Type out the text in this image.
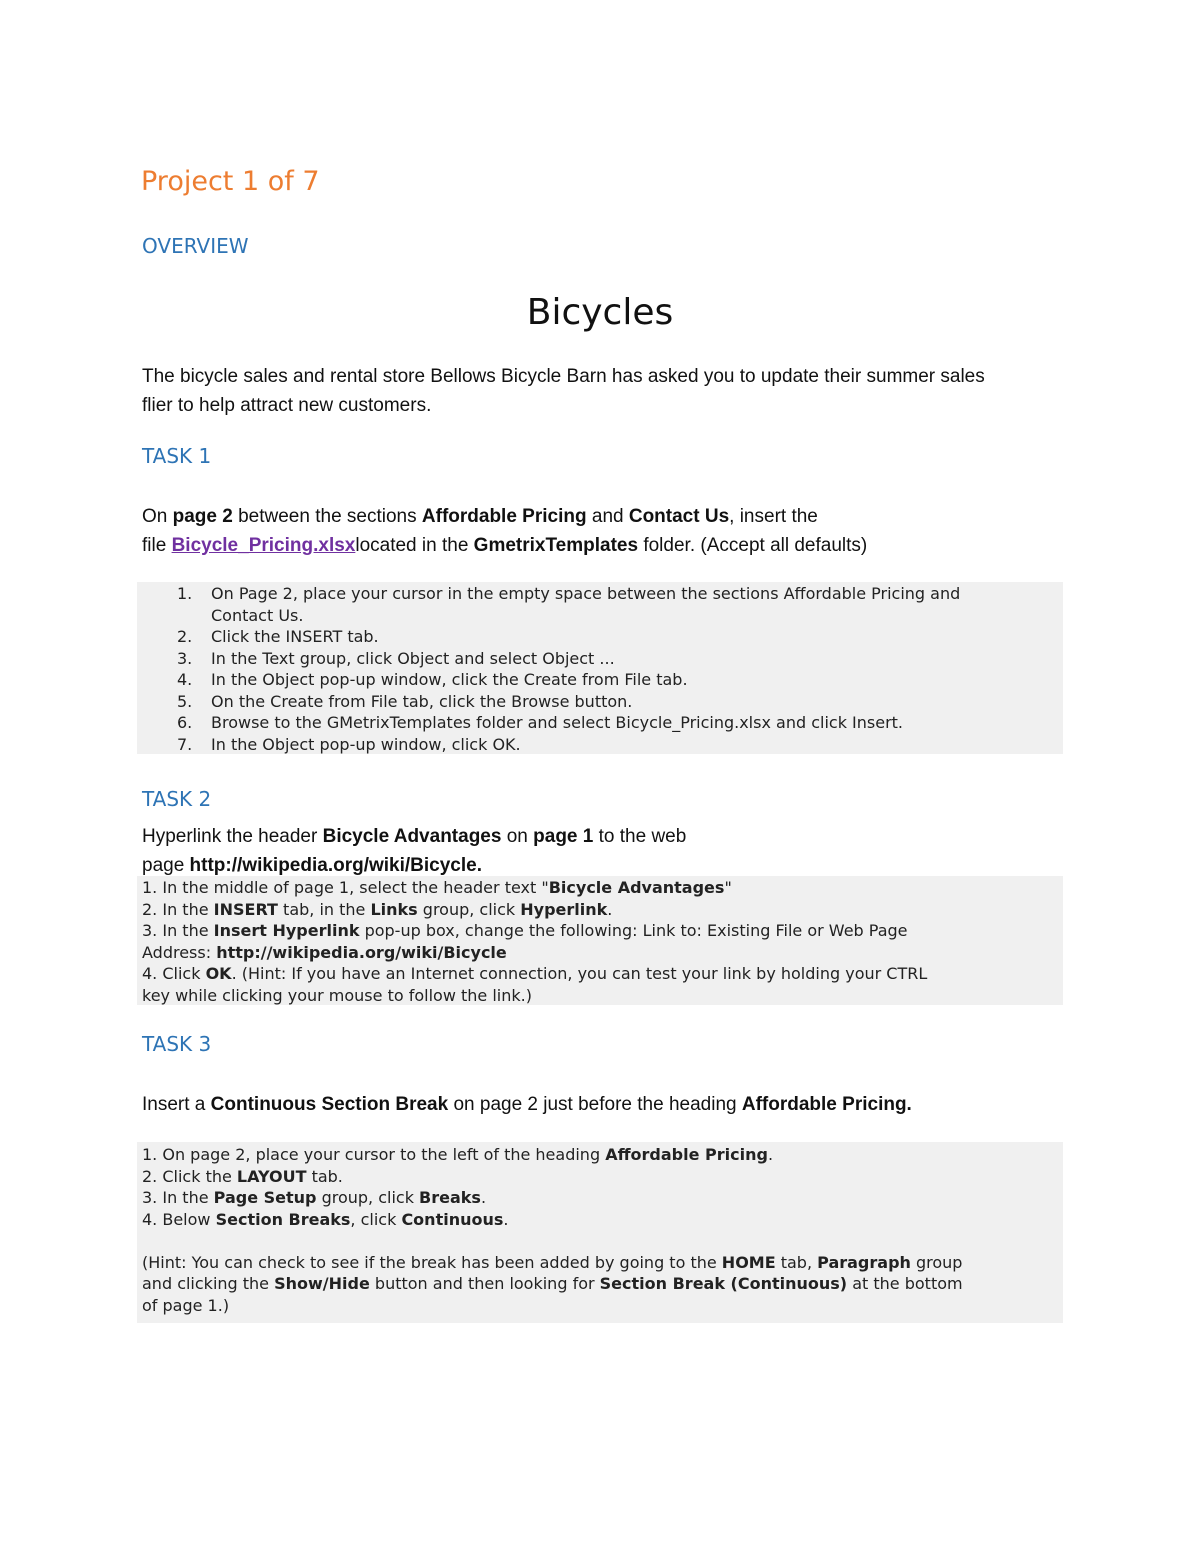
Project 1 of 7
OVERVIEW
Bicycles
The bicycle sales and rental store Bellows Bicycle Barn has asked you to update their summer sales
flier to help attract new customers.
TASK 1
On page 2 between the sections Affordable Pricing and Contact Us, insert the
file Bicycle_Pricing.xlsxlocated in the GmetrixTemplates folder. (Accept all defaults)
1. On Page 2, place your cursor in the empty space between the sections Affordable Pricing and
Contact Us.
2. Click the INSERT tab.
3. In the Text group, click Object and select Object ...
4. In the Object pop-up window, click the Create from File tab.
5. On the Create from File tab, click the Browse button.
6. Browse to the GMetrixTemplates folder and select Bicycle_Pricing.xlsx and click Insert.
7. In the Object pop-up window, click OK.
TASK 2
Hyperlink the header Bicycle Advantages on page 1 to the web
page http://wikipedia.org/wiki/Bicycle.
1. In the middle of page 1, select the header text "Bicycle Advantages"
2. In the INSERT tab, in the Links group, click Hyperlink.
3. In the Insert Hyperlink pop-up box, change the following: Link to: Existing File or Web Page
Address: http://wikipedia.org/wiki/Bicycle
4. Click OK. (Hint: If you have an Internet connection, you can test your link by holding your CTRL
key while clicking your mouse to follow the link.)
TASK 3
Insert a Continuous Section Break on page 2 just before the heading Affordable Pricing.
1. On page 2, place your cursor to the left of the heading Affordable Pricing.
2. Click the LAYOUT tab.
3. In the Page Setup group, click Breaks.
4. Below Section Breaks, click Continuous.
(Hint: You can check to see if the break has been added by going to the HOME tab, Paragraph group
and clicking the Show/Hide button and then looking for Section Break (Continuous) at the bottom
of page 1.)
